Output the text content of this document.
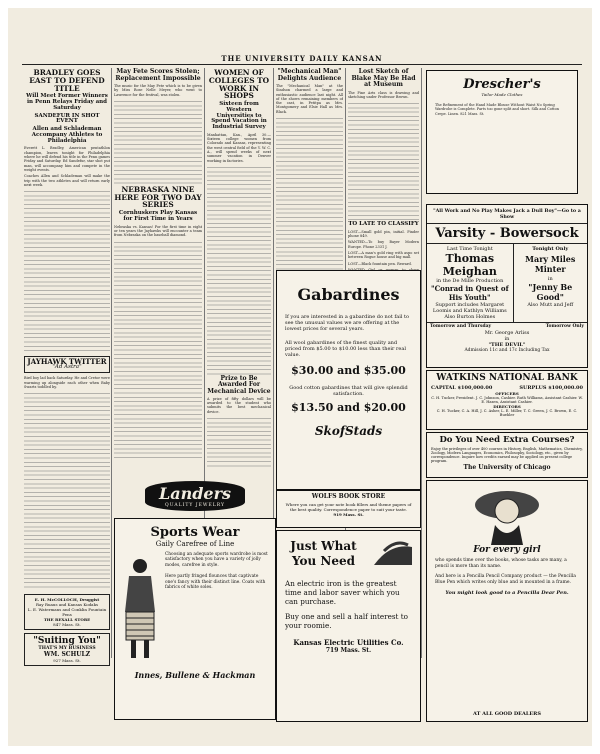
THE UNIVERSITY DAILY KANSAN
BRADLEY GOES EAST TO DEFEND TITLE
Will Meet Former Winners in Penn Relays Friday and Saturday
SANDEFUR IN SHOT EVENT
Allen and Schlademan Accompany Athletes to Philadelphia

Everett L. Bradley, American pentathlon champion, leaves tonight for Philadelphia where he will defend his title in the Penn games Friday and Saturday. Ed Sandefur, star shot put man, will accompany him and compete in the weight events.

Coaches Allen and Schlademan will make the trip with the two athletes and will return early next week.

JAYHAWK TWITTER
"Ad Astra"

Bird boy lad back Saturday. He and Cretor were warming up alongside each other when Baby Swartz toddled by.

E. H. McCOLLOCH, Druggist
Ray Ruaus and Kansas Kodaks
L. E. Watermans and Conklin Fountain Pens
THE REXALL STORE
847 Mass. St.
"Suiting You"
THAT'S MY BUSINESS
WM. SCHULZ
927 Mass. St.
May Fete Scores Stolen; Replacement Impossible

The music for the May Fete which is to be given by Miss Rose Nelle Meyer, who went to Lawrence for the festival, was stolen.

NEBRASKA NINE HERE FOR TWO DAY SERIES
Cornhuskers Play Kansas for First Time in Years

Nebraska vs. Kansas! For the first time in eight or ten years the Jayhawks will encounter a team from Nebraska on the baseball diamond.

WOMEN OF COLLEGES TO WORK IN SHOPS
Sixteen from Western Universities to Spend Vacation in Industrial Survey

Manhattan, Kan., April 30.—Sixteen college women from Colorado and Kansas, representing the west central field of the Y. W. C. A., will spend weeks of next summer vacation in Denver working in factories.

Prize to Be Awarded For Mechanical Device

A prize of fifty dollars will be awarded to the student who submits the best mechanical device.

"Mechanical Man" Delights Audience

The "Mechanical Man" at the Sindson charmed a large and enthusiastic audience last night. All of the shows remaining members of the cast, in Petitpa as Mrs. Montgomery and Elsie Hall as Mrs. Black.

Lost Sketch of Blake May Be Had at Museum

The Fine Arts class is drawing and sketching under Professor Brown.

TO LATE TO CLASSIFY

LOST—Small gold pin, initial. Finder phone 849.

WANTED—To buy Bayer Modern Europe. Phone 2331 J.

LOST—A man's gold ring with aspo set between Rogue house and big mall.

LOST—Black fountain pen. Reward.

Drescher's
Tailor Made Clothes
The Refinement of the Hand Made Blouse Without Waist No Spring Wardrobe is Complete. Parts too gone split and short. Silk and Cotton Crepe. Linen. 821 Mass. St.
Gabardines
If you are interested in a gabardine do not fail to see the unusual values we are offering at the lowest prices for several years.
All wool gabardines of the finest quality and priced from $5.00 to $10.00 less than their real value.
$30.00 and $35.00
Good cotton gabardines that will give splendid satisfaction.
$13.50 and $20.00
SkofStads
"All Work and No Play Makes Jack a Dull Boy"—Go to a Show
Varsity - Bowersock
Last Time Tonight
Thomas Meighan
in the De Mille Production
"Conrad in Quest of His Youth"
Support includes Margaret Loomis and Kathlyn Williams
Also Burton Holmes
Tonight Only
Mary Miles Minter
in
"Jenny Be Good"
Also Mutt and Jeff
Tomorrow and Thursday	Tomorrow Only
Mr. George Arliss
in
"THE DEVIL"
Admission 11c and 17c Including Tax
WATKINS NATIONAL BANK
CAPITAL $100,000.00	SURPLUS $100,000.00
OFFICERS
C. H. Tucker, President. J. C. Johnson, Cashier. Ruth Williams, Assistant Cashier. W. E. Hazen, Assistant Cashier.
DIRECTORS
C. H. Tucker, C. A. Hill, J. C. Asher, L. E. Miller, T. C. Green, J. C. Brown, E. C. Buehler
Do You Need Extra Courses?
Enjoy the privileges of over 400 courses in History, English, Mathematics, Chemistry, Zoology, Modern Languages, Economics, Philosophy, Sociology, etc., given by correspondence. Inquire how credits earned may be applied on present college program.
The University of Chicago
Landers
QUALITY JEWELRY
WOLFS BOOK STORE
Where you can get your note book fillers and theme papers of the best quality. Correspondence paper to suit your taste.
919 Mass. St.
Sports Wear
Gaily Carefree of Line
Choosing an adequate sports wardrobe is most satisfactory when you have a variety of jolly modes, carefree in style.
Here partly fringed flounces that captivate one's fancy with their distinct line. Coats with fabrics of white soles.
Innes, Bullene & Hackman
Just What You Need
An electric iron is the greatest time and labor saver which you can purchase.
Buy one and sell a half interest to your roomie.
Kansas Electric Utilities Co.
719 Mass. St.
For every girl
who spends time over the books, whose tasks are many, a pencil is more than its name.
And here is a Pencilla Pencil Company product — the Pencilla Blue Pen which writes only blue and is mounted in a frame.
You might look good to a Pencilla Dear Pen.
AT ALL GOOD DEALERS
